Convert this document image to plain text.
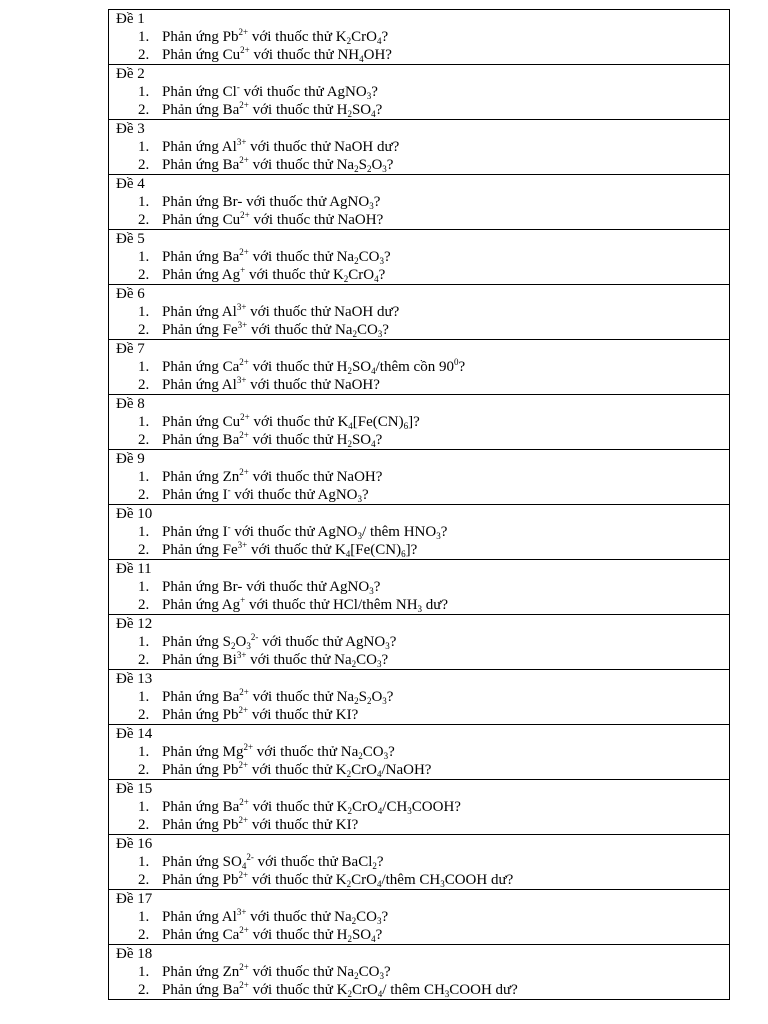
Đề 1
1. Phản ứng $Pb^{2+}$ với thuốc thử $K_2CrO_4$?
2. Phản ứng $Cu^{2+}$ với thuốc thử $NH_4OH$?
Đề 2
1. Phản ứng Cl- với thuốc thử AgNO$_3$?
2. Phản ứng $Ba^{2+}$ với thuốc thử $H_2SO_4$?
Đề 3
1. Phản ứng $Al^{3+}$ với thuốc thử NaOH dư?
2. Phản ứng $Ba^{2+}$ với thuốc thử $Na_2S_2O_3$?
Đề 4
1. Phản ứng Br- với thuốc thử AgNO$_3$?
2. Phản ứng $Cu^{2+}$ với thuốc thử NaOH?
Đề 5
1. Phản ứng $Ba^{2+}$ với thuốc thử $Na_2CO_3$?
2. Phản ứng Ag+ với thuốc thử $K_2CrO_4$?
Đề 6
1. Phản ứng $Al^{3+}$ với thuốc thử NaOH dư?
2. Phản ứng $Fe^{3+}$ với thuốc thử $Na_2CO_3$?
Đề 7
1. Phản ứng $Ca^{2+}$ với thuốc thử $H_2SO_4$/thêm cồn $90^0$?
2. Phản ứng $Al^{3+}$ với thuốc thử NaOH?
Đề 8
1. Phản ứng $Cu^{2+}$ với thuốc thử $K_4[Fe(CN)_6]$?
2. Phản ứng $Ba^{2+}$ với thuốc thử $H_2SO_4$?
Đề 9
1. Phản ứng $Zn^{2+}$ với thuốc thử NaOH?
2. Phản ứng I- với thuốc thử AgNO$_3$?
Đề 10
1. Phản ứng I- với thuốc thử AgNO$_3$/ thêm $HNO_3$?
2. Phản ứng $Fe^{3+}$ với thuốc thử $K_4[Fe(CN)_6]$?
Đề 11
1. Phản ứng Br- với thuốc thử AgNO$_3$?
2. Phản ứng Ag+ với thuốc thử HCl/thêm $NH_3$ dư?
Đề 12
1. Phản ứng $S_2O_3^{2-}$ với thuốc thử AgNO$_3$?
2. Phản ứng $Bi^{3+}$ với thuốc thử $Na_2CO_3$?
Đề 13
1. Phản ứng $Ba^{2+}$ với thuốc thử $Na_2S_2O_3$?
2. Phản ứng $Pb^{2+}$ với thuốc thử KI?
Đề 14
1. Phản ứng $Mg^{2+}$ với thuốc thử $Na_2CO_3$?
2. Phản ứng $Pb^{2+}$ với thuốc thử $K_2CrO_4$/NaOH?
Đề 15
1. Phản ứng $Ba^{2+}$ với thuốc thử $K_2CrO_4/CH_3COOH$?
2. Phản ứng $Pb^{2+}$ với thuốc thử KI?
Đề 16
1. Phản ứng $SO_4^{2-}$ với thuốc thử BaCl$_2$?
2. Phản ứng $Pb^{2+}$ với thuốc thử $K_2CrO_4$/thêm $CH_3COOH$ dư?
Đề 17
1. Phản ứng $Al^{3+}$ với thuốc thử $Na_2CO_3$?
2. Phản ứng $Ca^{2+}$ với thuốc thử $H_2SO_4$?
Đề 18
1. Phản ứng $Zn^{2+}$ với thuốc thử $Na_2CO_3$?
2. Phản ứng $Ba^{2+}$ với thuốc thử $K_2CrO_4/$ thêm $CH_3COOH$ dư?
